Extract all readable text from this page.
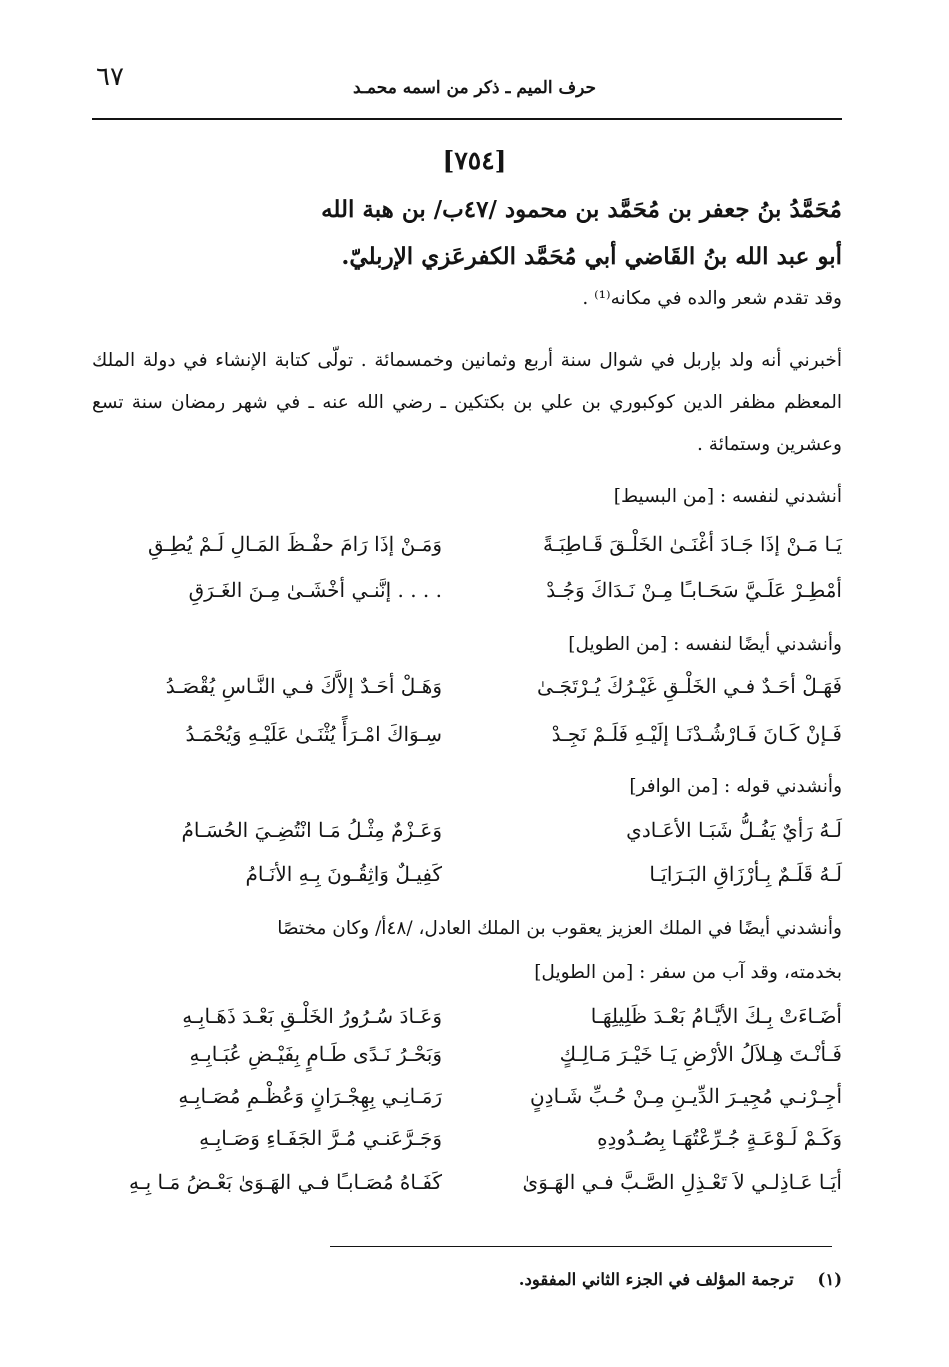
٦٧	حرف الميم ـ ذكر من اسمه محمـد
[٧٥٤]
مُحَمَّدُ بنُ جعفر بن مُحَمَّد بن محمود /٤٧ب/ بن هبة الله
أبو عبد الله بنُ القَاضي أبي مُحَمَّد الكفرعَزي الإربليّ.
وقد تقدم شعر والده في مكانه⁽¹⁾ .
أخبرني أنه ولد بإربل في شوال سنة أربع وثمانين وخمسمائة . تولّى كتابة الإنشاء في دولة الملك المعظم مظفر الدين كوكبوري بن علي بن بكتكين ـ رضي الله عنه ـ في شهر رمضان سنة تسع وعشرين وستمائة .
أنشدني لنفسه : [من البسيط]
يَـا مَـنْ إذَا جَـادَ أغْنَـىٰ الخَلْـقَ قَـاطِبَـةً
وَمَـنْ إذَا رَامَ حفْـظَ المَـالِ لَـمْ يُطِـقِ
أمْطِـرْ عَلَـيَّ سَحَـابـًا مِـنْ نَـدَاكَ وَجُـدْ
. . . . إنَّنـي أخْشَـىٰ مِـنَ الغَـرَقِ
وأنشدني أيضًا لنفسه : [من الطويل]
فَهَـلْ أحَـدٌ فـي الخَلْـقِ غَيْـرُكَ يُـرْتَجَـىٰ
وَهَـلْ أحَـدٌ إلاَّكَ فـي النَّـاسِ يُقْصَـدُ
فَـإنْ كَـانَ فَـارْشُـدْنَـا إلَيْـهِ فَلَـمْ نَجِـدْ
سِـوَاكَ امْـرَأً يُثْنَـىٰ عَلَيْـهِ وَيُحْمَـدُ
وأنشدني قوله : [من الوافر]
لَـهُ رَأيٌ يَفُـلُّ شَبَـا الأعَـادي
وَعَـزْمٌ مِثْـلُ مَـا انْتُضِـيَ الحُسَـامُ
لَـهُ قَلَـمٌ بِـأرْزَاقِ البَـرَايَـا
كَفِيـلٌ وَاثِقُـونَ بِـهِ الأنَـامُ
وأنشدني أيضًا في الملك العزيز يعقوب بن الملك العادل، /٤٨أ/ وكان مختصًا
بخدمته، وقد آب من سفر : [من الطويل]
أضَـاءَتْ بِـكَ الأيَّـامُ بَعْـدَ ظَلِيلِهَـا
وَعَـادَ سُـرُورُ الخَلْـقِ بَعْـدَ ذَهَـابِـهِ
فَـأنْـتَ هِـلاَلُ الأرْضِ يَـا خَيْـرَ مَـالِـكٍ
وَبَحْـرُ نَـدًى طَـامٍ بِفَيْـضِ عُبَـابِـهِ
أجِـرْنـي مُجِيـرَ الدِّيـنِ مِـنْ حُـبِّ شَـادِنٍ
رَمَـانِـي بِهِجْـرَانٍ وَعُظْـمِ مُصَـابِـهِ
وَكَـمْ لَـوْعَـةٍ جُـرِّعْتُهَـا بِصُـدُودِهِ
وَجَـرَّعَنـي مُـرَّ الجَفَـاءِ وَصَـابِـهِ
أيَـا عَـاذِلـي لاَ تَعْـذِلِ الصَّـبَّ فـي الهَـوَىٰ
كَفَـاهُ مُصَـابـًا فـي الهَـوَىٰ بَعْـضُ مَـا بِـهِ
(١) ترجمة المؤلف في الجزء الثاني المفقود.
